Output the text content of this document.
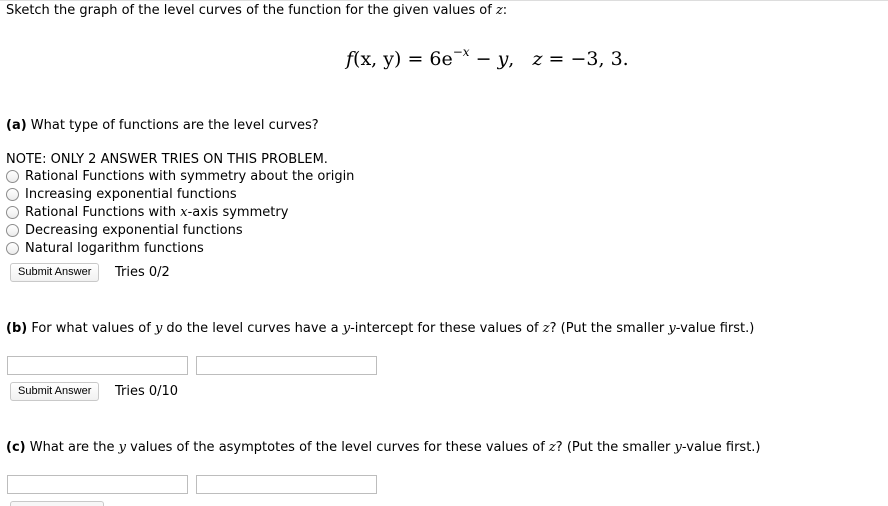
Sketch the graph of the level curves of the function for the given values of z:
f(x, $y) = 6e^{-x} - y$,   z = −3, 3.
(a) What type of functions are the level curves?
NOTE: ONLY 2 ANSWER TRIES ON THIS PROBLEM.
Rational Functions with symmetry about the origin
Increasing exponential functions
Rational Functions with x-axis symmetry
Decreasing exponential functions
Natural logarithm functions
Submit Answer	Tries 0/2
(b) For what values of y do the level curves have a y-intercept for these values of z? (Put the smaller y-value first.)
Submit Answer	Tries 0/10
(c) What are the y values of the asymptotes of the level curves for these values of z? (Put the smaller y-value first.)
